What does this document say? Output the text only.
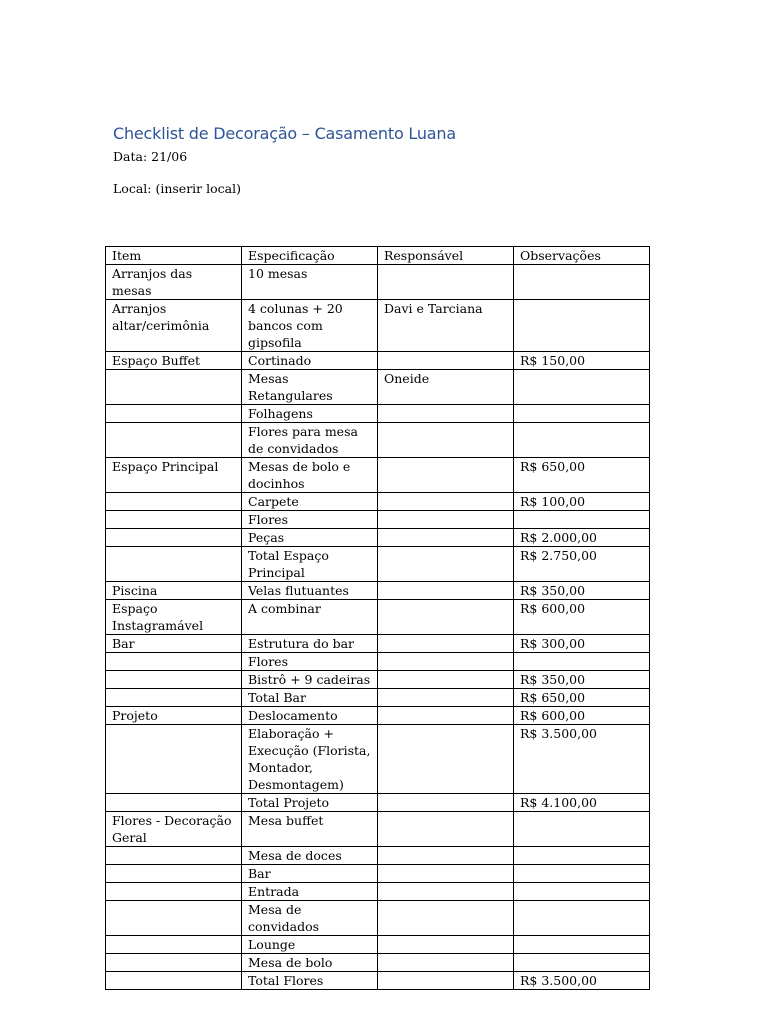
Checklist de Decoração – Casamento Luana

Data: 21/06

Local: (inserir local)

Item	Especificação	Responsável	Observações
Arranjos das mesas	10 mesas		
Arranjos altar/cerimônia	4 colunas + 20 bancos com gipsofila	Davi e Tarciana	
Espaço Buffet	Cortinado		R$ 150,00
	Mesas Retangulares	Oneide	
	Folhagens		
	Flores para mesa de convidados		
Espaço Principal	Mesas de bolo e docinhos		R$ 650,00
	Carpete		R$ 100,00
	Flores		
	Peças		R$ 2.000,00
	Total Espaço Principal		R$ 2.750,00
Piscina	Velas flutuantes		R$ 350,00
Espaço Instagramável	A combinar		R$ 600,00
Bar	Estrutura do bar		R$ 300,00
	Flores		
	Bistrô + 9 cadeiras		R$ 350,00
	Total Bar		R$ 650,00
Projeto	Deslocamento		R$ 600,00
	Elaboração + Execução (Florista, Montador, Desmontagem)		R$ 3.500,00
	Total Projeto		R$ 4.100,00
Flores - Decoração Geral	Mesa buffet		
	Mesa de doces		
	Bar		
	Entrada		
	Mesa de convidados		
	Lounge		
	Mesa de bolo		
	Total Flores		R$ 3.500,00
